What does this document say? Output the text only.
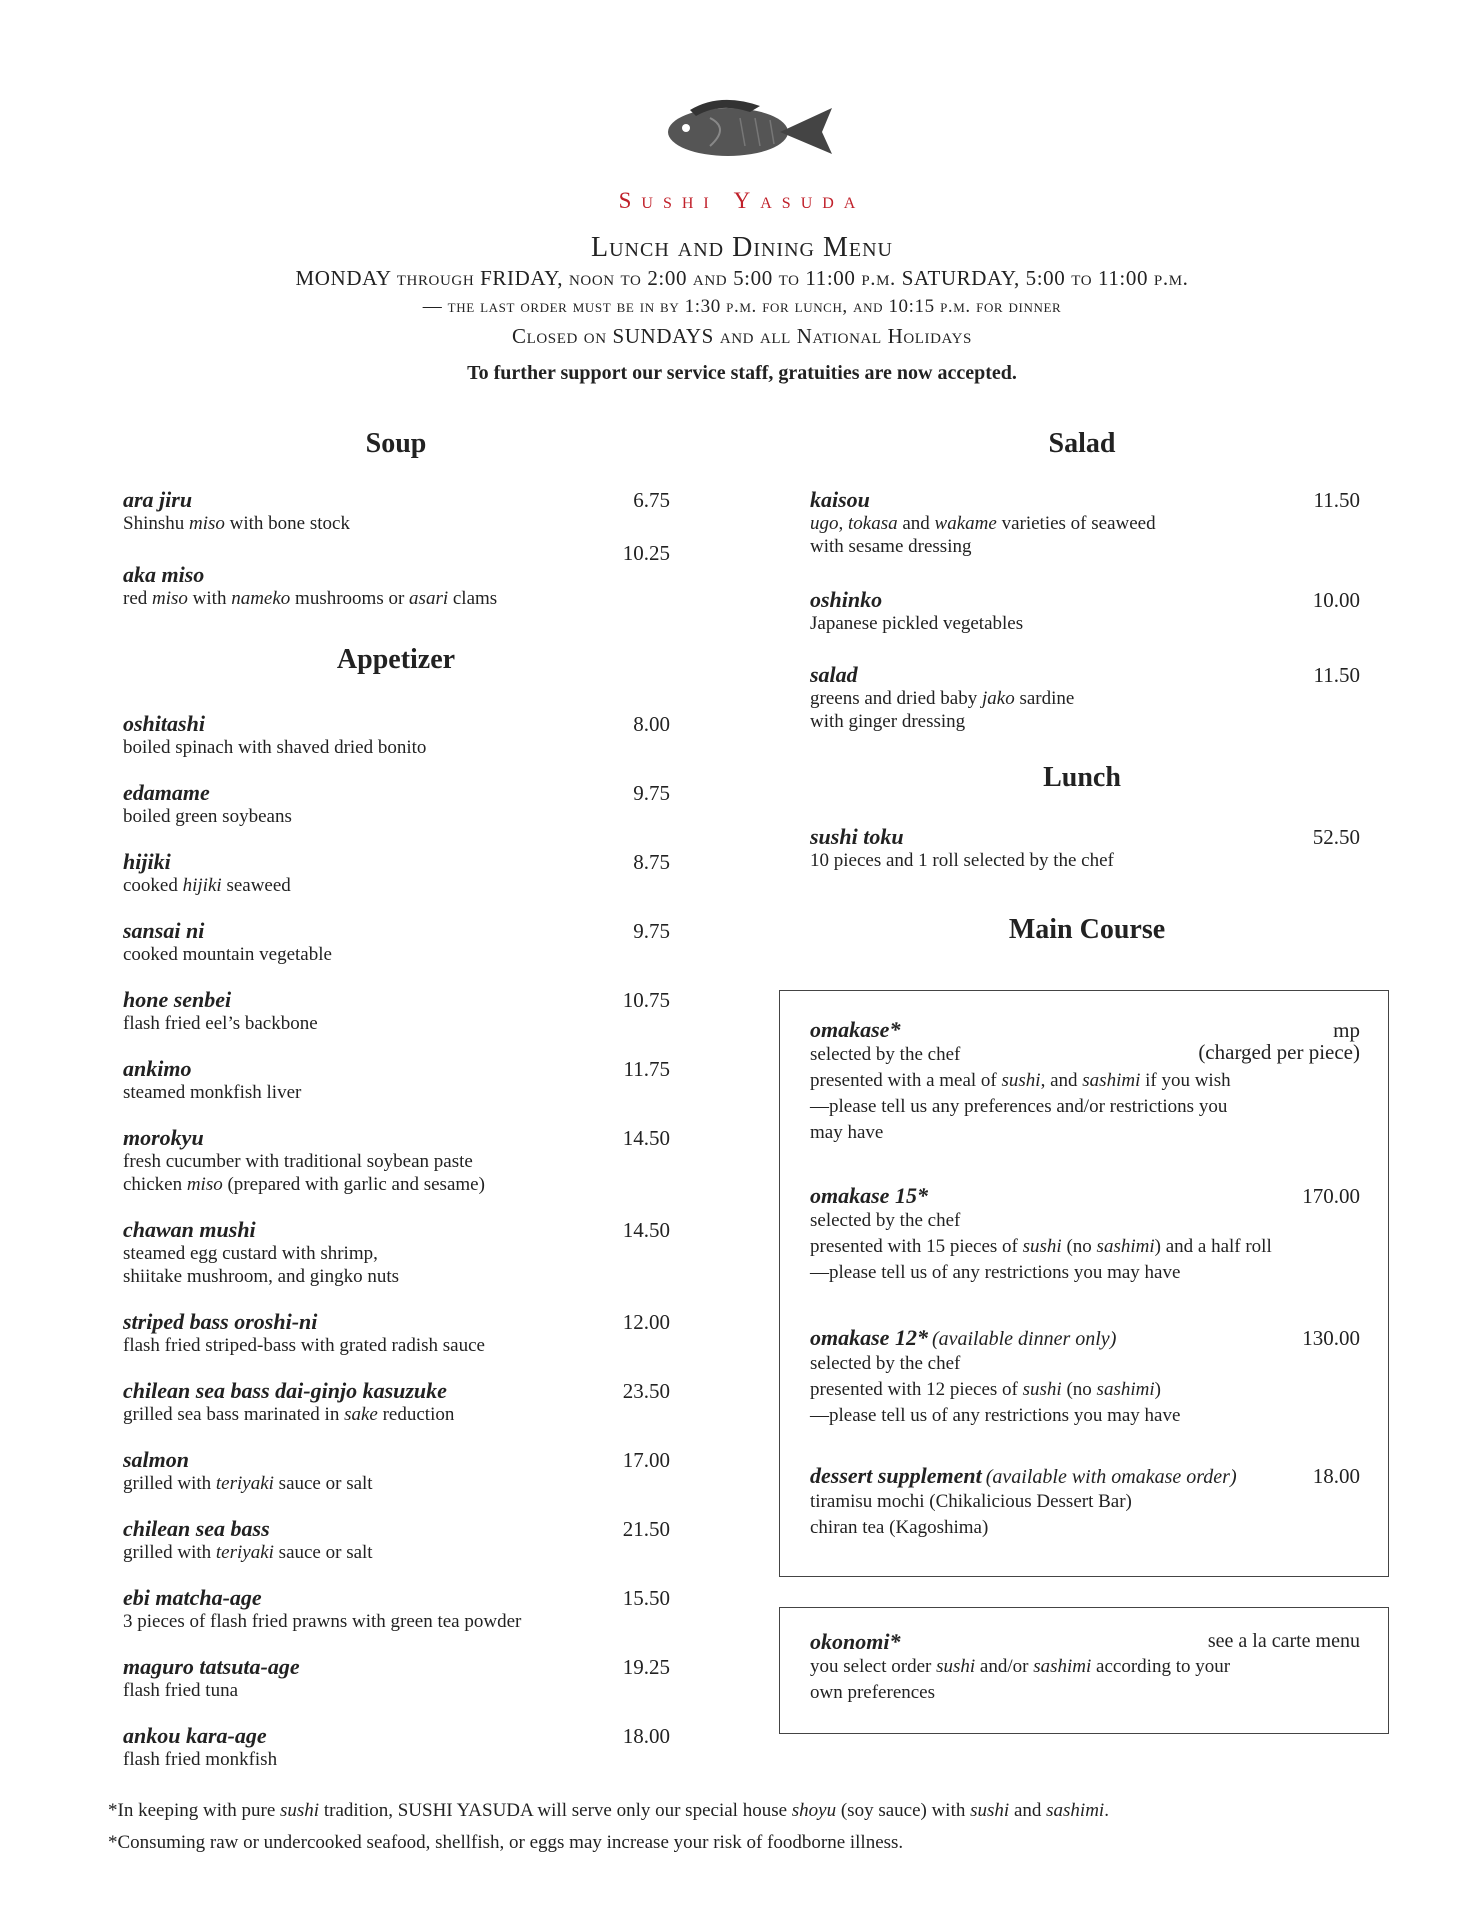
Sushi Yasuda
Lunch and Dining Menu
MONDAY through FRIDAY, noon to 2:00 and 5:00 to 11:00 p.m. SATURDAY, 5:00 to 11:00 p.m.
— the last order must be in by 1:30 p.m. for lunch, and 10:15 p.m. for dinner
Closed on SUNDAYS and all National Holidays
To further support our service staff, gratuities are now accepted.
Soup
ara jiru
Shinshu miso with bone stock
6.75
aka miso
red miso with nameko mushrooms or asari clams
10.25
Appetizer
oshitashi
boiled spinach with shaved dried bonito
8.00
edamame
boiled green soybeans
9.75
hijiki
cooked hijiki seaweed
8.75
sansai ni
cooked mountain vegetable
9.75
hone senbei
flash fried eel’s backbone
10.75
ankimo
steamed monkfish liver
11.75
morokyu
fresh cucumber with traditional soybean paste
chicken miso (prepared with garlic and sesame)
14.50
chawan mushi
steamed egg custard with shrimp,
shiitake mushroom, and gingko nuts
14.50
striped bass oroshi-ni
flash fried striped-bass with grated radish sauce
12.00
chilean sea bass dai-ginjo kasuzuke
grilled sea bass marinated in sake reduction
23.50
salmon
grilled with teriyaki sauce or salt
17.00
chilean sea bass
grilled with teriyaki sauce or salt
21.50
ebi matcha-age
3 pieces of flash fried prawns with green tea powder
15.50
maguro tatsuta-age
flash fried tuna
19.25
ankou kara-age
flash fried monkfish
18.00
Salad
kaisou
ugo, tokasa and wakame varieties of seaweed
with sesame dressing
11.50
oshinko
Japanese pickled vegetables
10.00
salad
greens and dried baby jako sardine
with ginger dressing
11.50
Lunch
sushi toku
10 pieces and 1 roll selected by the chef
52.50
Main Course
omakase*
selected by the chef
presented with a meal of sushi, and sashimi if you wish
—please tell us any preferences and/or restrictions you
may have
mp
(charged per piece)
omakase 15*
selected by the chef
presented with 15 pieces of sushi (no sashimi) and a half roll
—please tell us of any restrictions you may have
170.00
omakase 12* (available dinner only)
selected by the chef
presented with 12 pieces of sushi (no sashimi)
—please tell us of any restrictions you may have
130.00
dessert supplement (available with omakase order)
tiramisu mochi (Chikalicious Dessert Bar)
chiran tea (Kagoshima)
18.00
okonomi*
you select order sushi and/or sashimi according to your
own preferences
see a la carte menu
*In keeping with pure sushi tradition, SUSHI YASUDA will serve only our special house shoyu (soy sauce) with sushi and sashimi.
*Consuming raw or undercooked seafood, shellfish, or eggs may increase your risk of foodborne illness.
